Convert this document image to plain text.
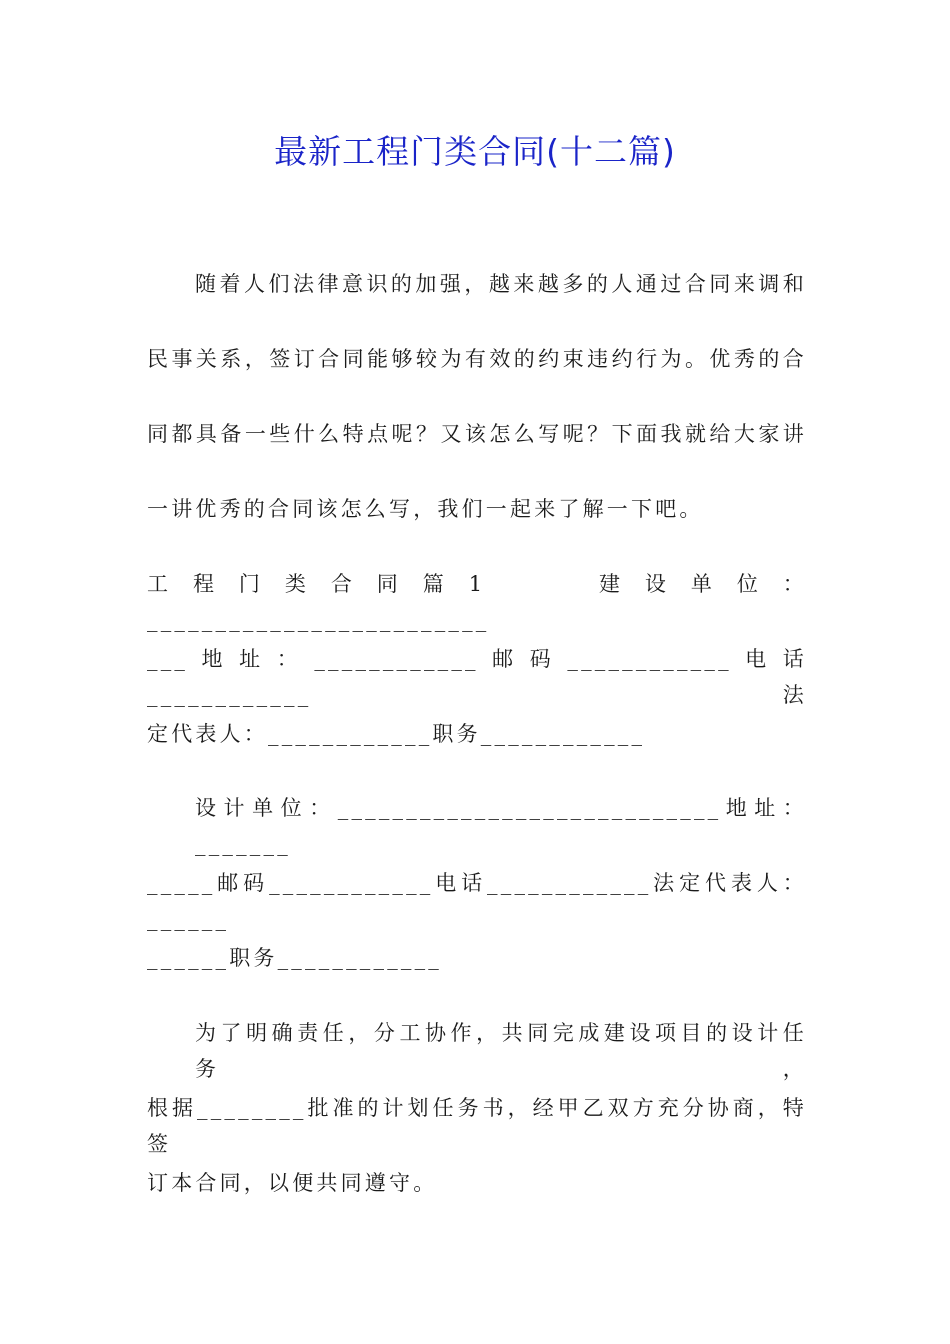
最新工程门类合同(十二篇)
随着人们法律意识的加强，越来越多的人通过合同来调和
民事关系，签订合同能够较为有效的约束违约行为。优秀的合
同都具备一些什么特点呢？又该怎么写呢？下面我就给大家讲
一讲优秀的合同该怎么写，我们一起来了解一下吧。
工程门类合同篇1　　建设单位：_________________________
___地址：____________邮码____________电话____________法
定代表人：____________职务____________
设计单位：____________________________地址：_______
_____邮码____________电话____________法定代表人：______
______职务____________
为了明确责任，分工协作，共同完成建设项目的设计任务，
根据________批准的计划任务书，经甲乙双方充分协商，特签
订本合同，以便共同遵守。
